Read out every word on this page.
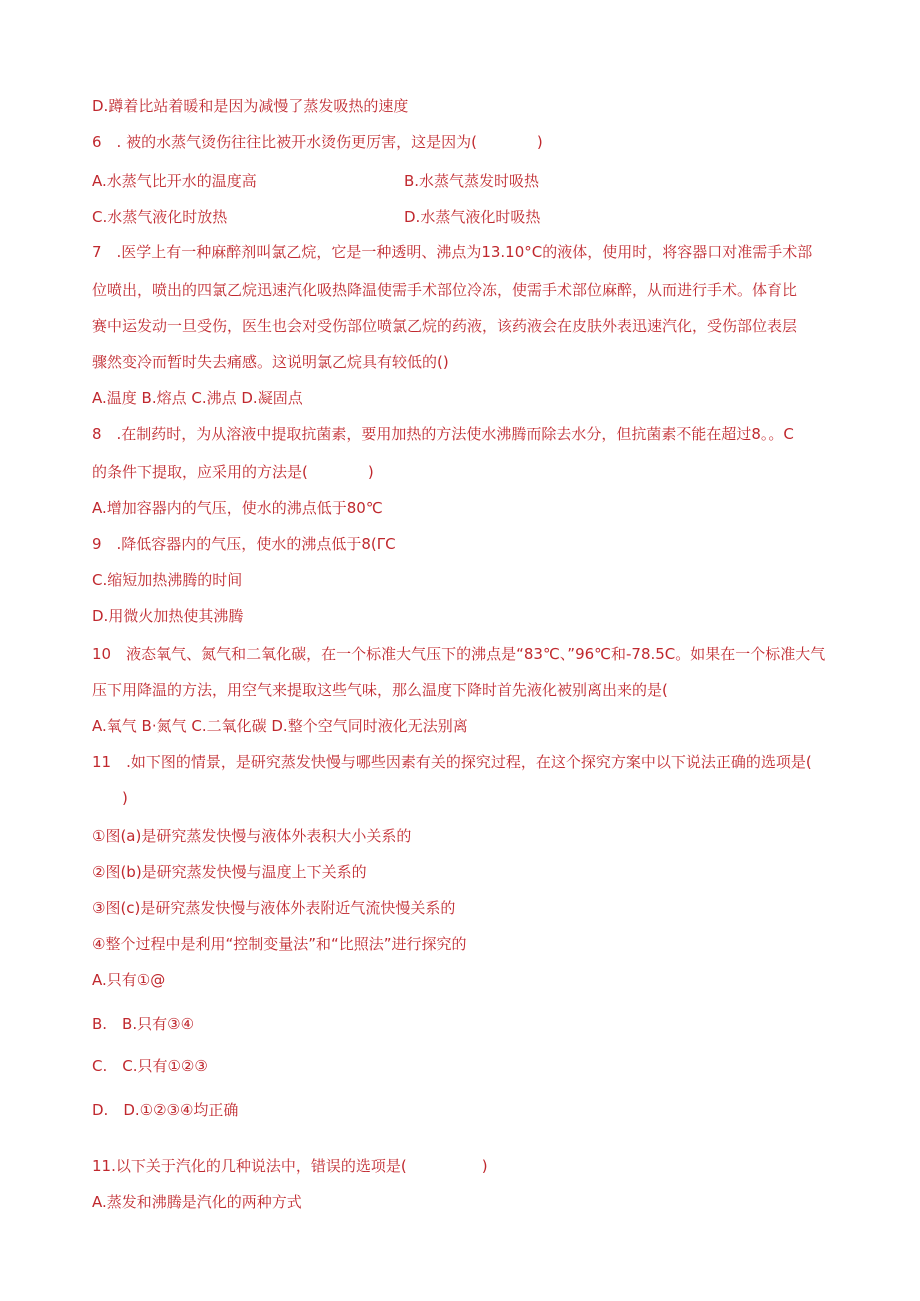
D.蹲着比站着暖和是因为减慢了蒸发吸热的速度
6　. 被的水蒸气烫伤往往比被开水烫伤更厉害，这是因为(　　　　)
A.水蒸气比开水的温度高	B.水蒸气蒸发时吸热
C.水蒸气液化时放热	D.水蒸气液化时吸热
7　.医学上有一种麻醉剂叫氯乙烷，它是一种透明、沸点为13.10°C的液体，使用时，将容器口对准需手术部
位喷出，喷出的四氯乙烷迅速汽化吸热降温使需手术部位冷冻，使需手术部位麻醉，从而进行手术。体育比
赛中运发动一旦受伤，医生也会对受伤部位喷氯乙烷的药液，该药液会在皮肤外表迅速汽化，受伤部位表层
骤然变冷而暂时失去痛感。这说明氯乙烷具有较低的()
A.温度 B.熔点 C.沸点 D.凝固点
8　.在制药时，为从溶液中提取抗菌素，要用加热的方法使水沸腾而除去水分，但抗菌素不能在超过8。。C
的条件下提取，应采用的方法是(　　　　)
A.增加容器内的气压，使水的沸点低于80℃
9　.降低容器内的气压，使水的沸点低于8(ΓC
C.缩短加热沸腾的时间
D.用微火加热使其沸腾
10　液态氧气、氮气和二氧化碳，在一个标准大气压下的沸点是“83℃、”96℃和-78.5C。如果在一个标准大气
压下用降温的方法，用空气来提取这些气味，那么温度下降时首先液化被别离出来的是(
A.氧气 B·氮气 C.二氧化碳 D.整个空气同时液化无法别离
11　.如下图的情景，是研究蒸发快慢与哪些因素有关的探究过程，在这个探究方案中以下说法正确的选项是(
　　)
①图(a)是研究蒸发快慢与液体外表积大小关系的
②图(b)是研究蒸发快慢与温度上下关系的
③图(c)是研究蒸发快慢与液体外表附近气流快慢关系的
④整个过程中是利用“控制变量法”和“比照法”进行探究的
A.只有①@
B.　B.只有③④
C.　C.只有①②③
D.　D.①②③④均正确
11.以下关于汽化的几种说法中，错误的选项是(　　　　　)
A.蒸发和沸腾是汽化的两种方式
